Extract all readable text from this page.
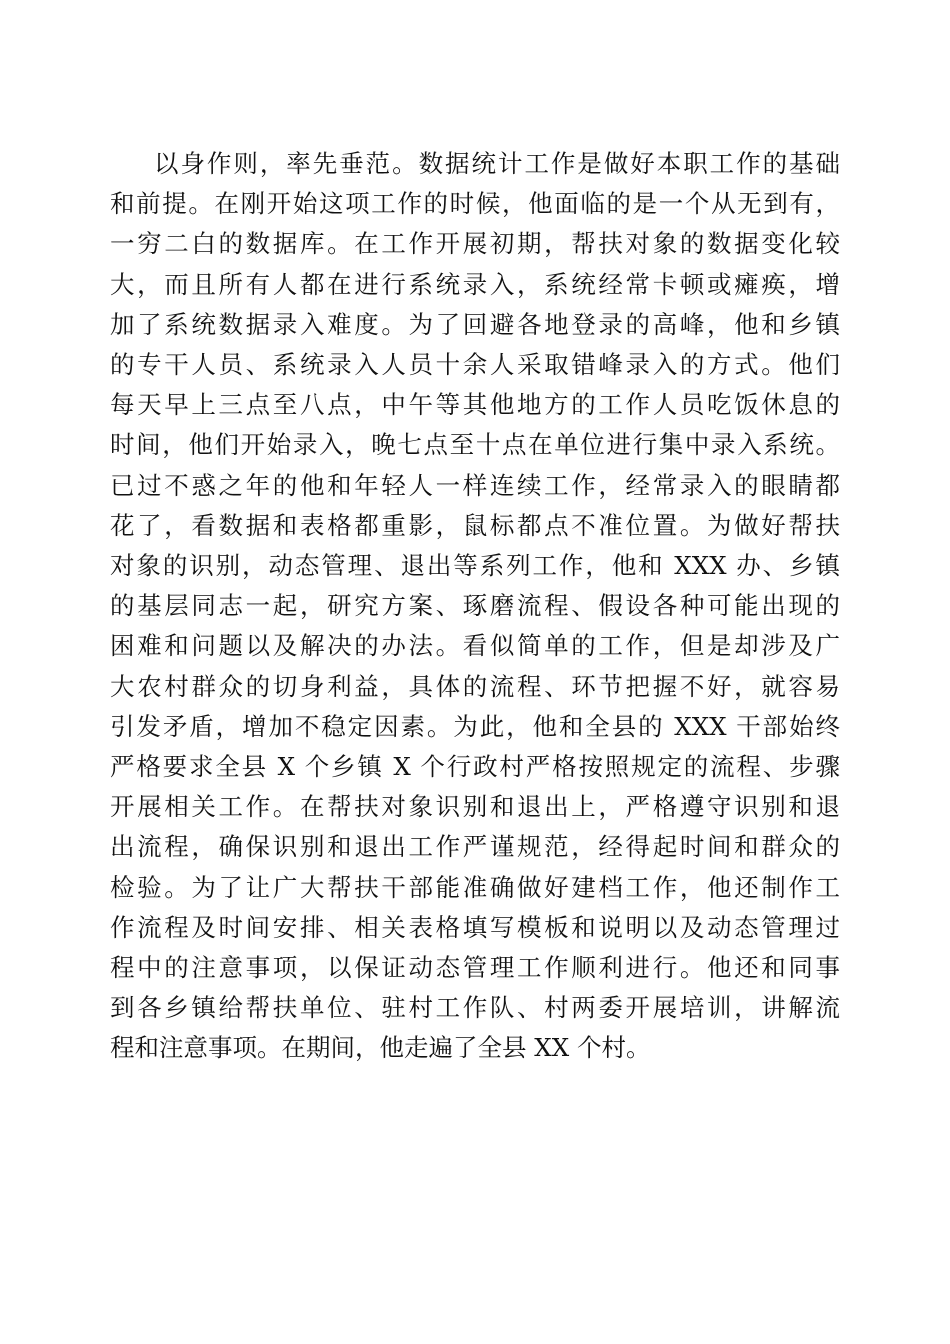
以身作则，率先垂范。数据统计工作是做好本职工作的基础
和前提。在刚开始这项工作的时候，他面临的是一个从无到有，
一穷二白的数据库。在工作开展初期，帮扶对象的数据变化较
大，而且所有人都在进行系统录入，系统经常卡顿或瘫痪，增
加了系统数据录入难度。为了回避各地登录的高峰，他和乡镇
的专干人员、系统录入人员十余人采取错峰录入的方式。他们
每天早上三点至八点，中午等其他地方的工作人员吃饭休息的
时间，他们开始录入，晚七点至十点在单位进行集中录入系统。
已过不惑之年的他和年轻人一样连续工作，经常录入的眼睛都
花了，看数据和表格都重影，鼠标都点不准位置。为做好帮扶
对象的识别，动态管理、退出等系列工作，他和 XXX 办、乡镇
的基层同志一起，研究方案、琢磨流程、假设各种可能出现的
困难和问题以及解决的办法。看似简单的工作，但是却涉及广
大农村群众的切身利益，具体的流程、环节把握不好，就容易
引发矛盾，增加不稳定因素。为此，他和全县的 XXX 干部始终
严格要求全县 X 个乡镇 X 个行政村严格按照规定的流程、步骤
开展相关工作。在帮扶对象识别和退出上，严格遵守识别和退
出流程，确保识别和退出工作严谨规范，经得起时间和群众的
检验。为了让广大帮扶干部能准确做好建档工作，他还制作工
作流程及时间安排、相关表格填写模板和说明以及动态管理过
程中的注意事项，以保证动态管理工作顺利进行。他还和同事
到各乡镇给帮扶单位、驻村工作队、村两委开展培训，讲解流
程和注意事项。在期间，他走遍了全县 XX 个村。
